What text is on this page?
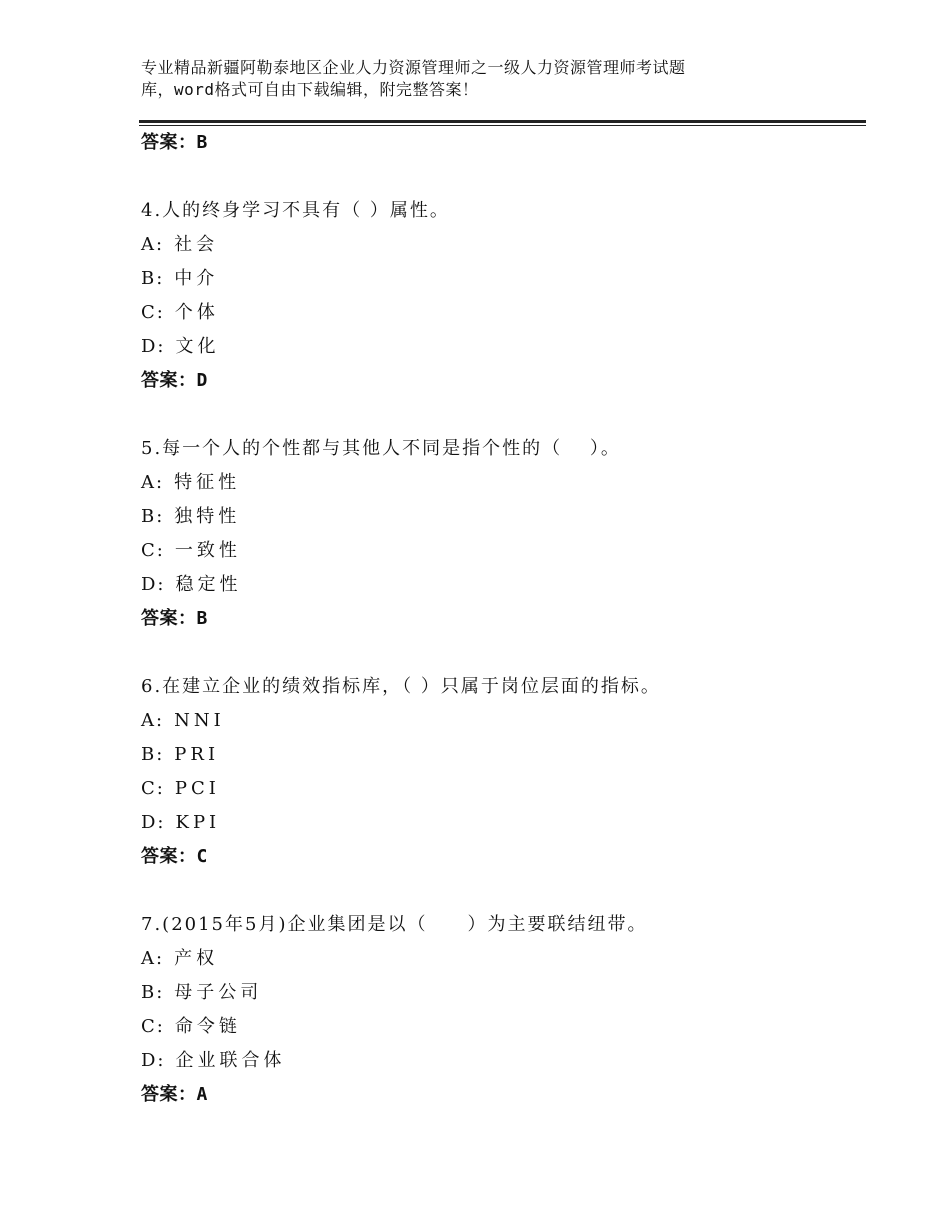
专业精品新疆阿勒泰地区企业人力资源管理师之一级人力资源管理师考试题
库，word格式可自由下载编辑，附完整答案！
答案：B
4.人的终身学习不具有（ ）属性。
A: 社会
B: 中介
C: 个体
D: 文化
答案：D
5.每一个人的个性都与其他人不同是指个性的（　 ）。
A: 特征性
B: 独特性
C: 一致性
D: 稳定性
答案：B
6.在建立企业的绩效指标库，（ ）只属于岗位层面的指标。
A: NNI
B: PRI
C: PCI
D: KPI
答案：C
7.(2015年5月)企业集团是以（　　）为主要联结纽带。
A: 产权
B: 母子公司
C: 命令链
D: 企业联合体
答案：A
